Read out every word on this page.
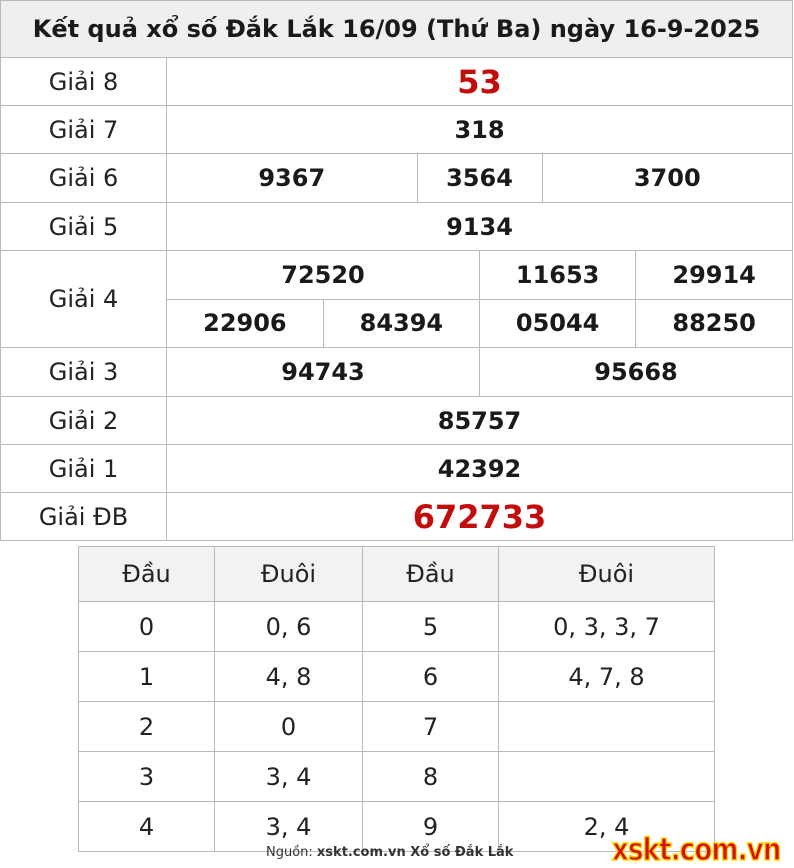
Kết quả xổ số Đắk Lắk 16/09 (Thứ Ba) ngày 16-9-2025
Giải 8	53
Giải 7	318
Giải 6		9367	3564	3700

Giải 5	9134
Giải 4	
72520	11653	29914
22906	84394	05044	88250

Giải 3		94743	95668

Giải 2	85757
Giải 1	42392
Giải ĐB	672733
Đầu	Đuôi	Đầu	Đuôi
0	0, 6	5	0, 3, 3, 7
1	4, 8	6	4, 7, 8
2	0	7	
3	3, 4	8	
4	3, 4	9	2, 4
Nguồn: xskt.com.vn Xổ số Đắk Lắk	xskt.com.vn
